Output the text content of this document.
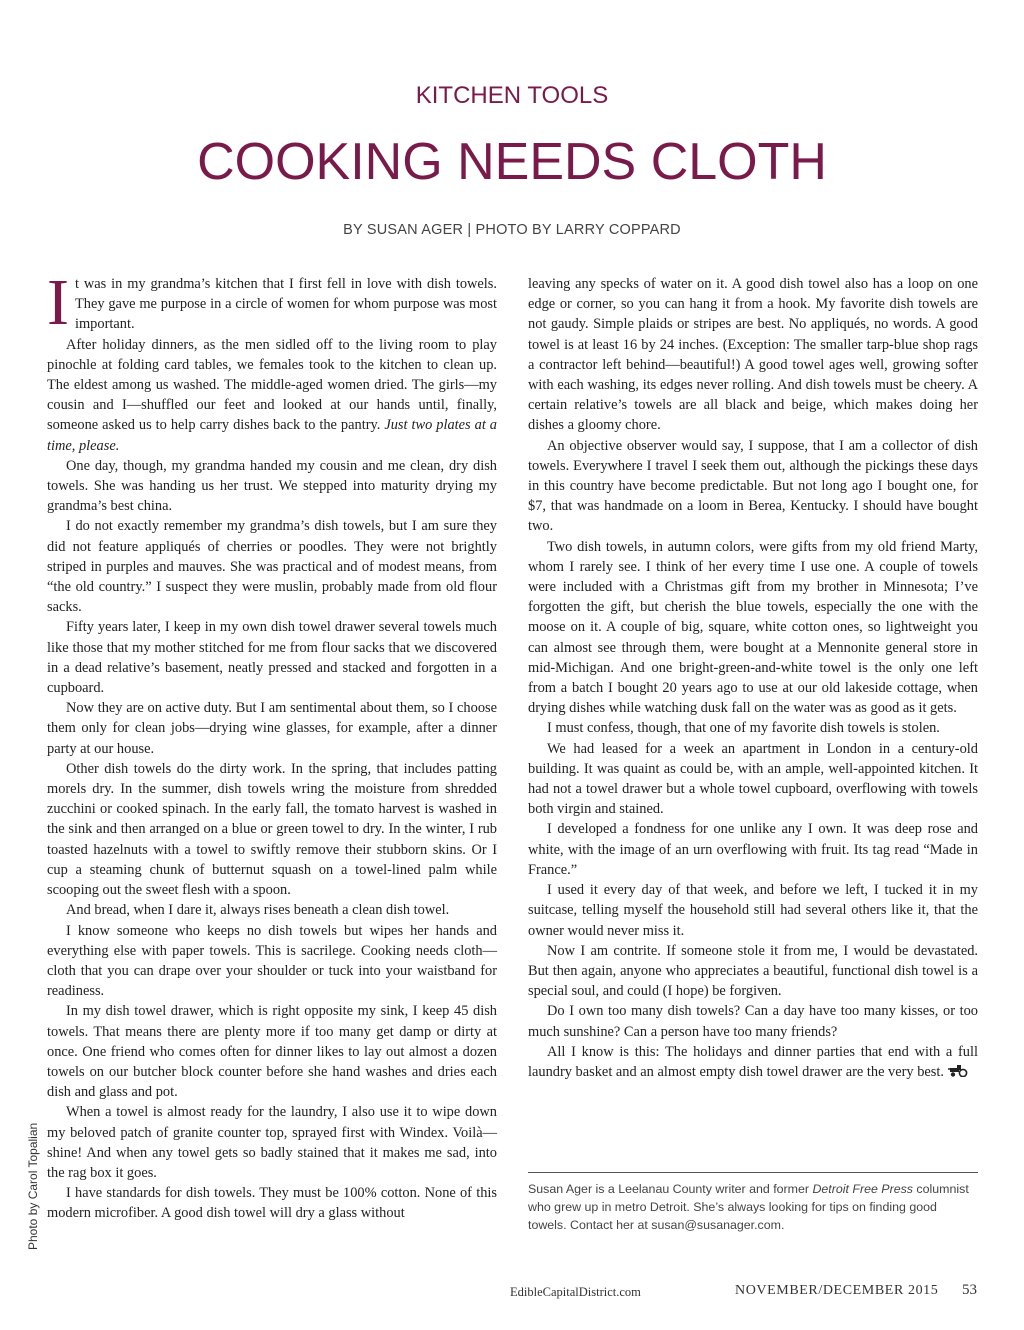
KITCHEN TOOLS
COOKING NEEDS CLOTH
BY SUSAN AGER | PHOTO BY LARRY COPPARD
Photo by Carol Topalian

It was in my grandma’s kitchen that I first fell in love with dish towels. They gave me purpose in a circle of women for whom purpose was most important.

After holiday dinners, as the men sidled off to the living room to play pinochle at folding card tables, we females took to the kitchen to clean up. The eldest among us washed. The middle-aged women dried. The girls—my cousin and I—shuffled our feet and looked at our hands until, finally, someone asked us to help carry dishes back to the pantry. Just two plates at a time, please.

One day, though, my grandma handed my cousin and me clean, dry dish towels. She was handing us her trust. We stepped into maturity drying my grandma’s best china.

I do not exactly remember my grandma’s dish towels, but I am sure they did not feature appliqués of cherries or poodles. They were not brightly striped in purples and mauves. She was practical and of modest means, from “the old country.” I suspect they were muslin, probably made from old flour sacks.

Fifty years later, I keep in my own dish towel drawer several towels much like those that my mother stitched for me from flour sacks that we discovered in a dead relative’s basement, neatly pressed and stacked and forgotten in a cupboard.

Now they are on active duty. But I am sentimental about them, so I choose them only for clean jobs—drying wine glasses, for example, after a dinner party at our house.

Other dish towels do the dirty work. In the spring, that includes patting morels dry. In the summer, dish towels wring the moisture from shredded zucchini or cooked spinach. In the early fall, the tomato harvest is washed in the sink and then arranged on a blue or green towel to dry. In the winter, I rub toasted hazelnuts with a towel to swiftly remove their stubborn skins. Or I cup a steaming chunk of butternut squash on a towel-lined palm while scooping out the sweet flesh with a spoon.

And bread, when I dare it, always rises beneath a clean dish towel.

I know someone who keeps no dish towels but wipes her hands and everything else with paper towels. This is sacrilege. Cooking needs cloth—cloth that you can drape over your shoulder or tuck into your waistband for readiness.

In my dish towel drawer, which is right opposite my sink, I keep 45 dish towels. That means there are plenty more if too many get damp or dirty at once. One friend who comes often for dinner likes to lay out almost a dozen towels on our butcher block counter before she hand washes and dries each dish and glass and pot.

When a towel is almost ready for the laundry, I also use it to wipe down my beloved patch of granite counter top, sprayed first with Windex. Voilà—shine! And when any towel gets so badly stained that it makes me sad, into the rag box it goes.

I have standards for dish towels. They must be 100% cotton. None of this modern microfiber. A good dish towel will dry a glass without

leaving any specks of water on it. A good dish towel also has a loop on one edge or corner, so you can hang it from a hook. My favorite dish towels are not gaudy. Simple plaids or stripes are best. No appliqués, no words. A good towel is at least 16 by 24 inches. (Exception: The smaller tarp-blue shop rags a contractor left behind—beautiful!) A good towel ages well, growing softer with each washing, its edges never rolling. And dish towels must be cheery. A certain relative’s towels are all black and beige, which makes doing her dishes a gloomy chore.

An objective observer would say, I suppose, that I am a collector of dish towels. Everywhere I travel I seek them out, although the pickings these days in this country have become predictable. But not long ago I bought one, for $7, that was handmade on a loom in Berea, Kentucky. I should have bought two.

Two dish towels, in autumn colors, were gifts from my old friend Marty, whom I rarely see. I think of her every time I use one. A couple of towels were included with a Christmas gift from my brother in Minnesota; I’ve forgotten the gift, but cherish the blue towels, especially the one with the moose on it. A couple of big, square, white cotton ones, so lightweight you can almost see through them, were bought at a Mennonite general store in mid-Michigan. And one bright-green-and-white towel is the only one left from a batch I bought 20 years ago to use at our old lakeside cottage, when drying dishes while watching dusk fall on the water was as good as it gets.

I must confess, though, that one of my favorite dish towels is stolen.

We had leased for a week an apartment in London in a century-old building. It was quaint as could be, with an ample, well-appointed kitchen. It had not a towel drawer but a whole towel cupboard, overflowing with towels both virgin and stained.

I developed a fondness for one unlike any I own. It was deep rose and white, with the image of an urn overflowing with fruit. Its tag read “Made in France.”

I used it every day of that week, and before we left, I tucked it in my suitcase, telling myself the household still had several others like it, that the owner would never miss it.

Now I am contrite. If someone stole it from me, I would be devastated. But then again, anyone who appreciates a beautiful, functional dish towel is a special soul, and could (I hope) be forgiven.

Do I own too many dish towels? Can a day have too many kisses, or too much sunshine? Can a person have too many friends?

All I know is this: The holidays and dinner parties that end with a full laundry basket and an almost empty dish towel drawer are the very best.

Susan Ager is a Leelanau County writer and former Detroit Free Press columnist who grew up in metro Detroit. She’s always looking for tips on finding good towels. Contact her at susan@susanager.com.
EdibleCapitalDistrict.com	NOVEMBER/DECEMBER 2015 53
